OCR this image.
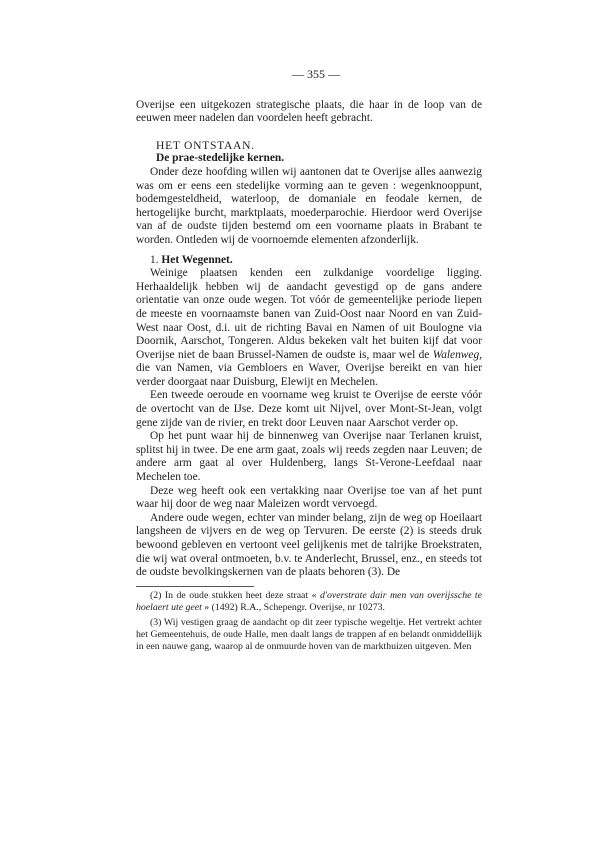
— 355 —

Overijse een uitgekozen strategische plaats, die haar in de loop van de eeuwen meer nadelen dan voordelen heeft gebracht.

HET ONTSTAAN.

De prae-stedelijke kernen.

Onder deze hoofding willen wij aantonen dat te Overijse alles aanwezig was om er eens een stedelijke vorming aan te geven : wegenknooppunt, bodemgesteldheid, waterloop, de domaniale en feodale kernen, de hertogelijke burcht, marktplaats, moederparochie. Hierdoor werd Overijse van af de oudste tijden bestemd om een voorname plaats in Brabant te worden. Ontleden wij de voornoemde elementen afzonderlijk.

1. Het Wegennet.

Weinige plaatsen kenden een zulkdanige voordelige ligging. Herhaaldelijk hebben wij de aandacht gevestigd op de gans andere orientatie van onze oude wegen. Tot vóór de gemeentelijke periode liepen de meeste en voornaamste banen van Zuid-Oost naar Noord en van Zuid-West naar Oost, d.i. uit de richting Bavai en Namen of uit Boulogne via Doornik, Aarschot, Tongeren. Aldus bekeken valt het buiten kijf dat voor Overijse niet de baan Brussel-Namen de oudste is, maar wel de Walenweg, die van Namen, via Gembloers en Waver, Overijse bereikt en van hier verder doorgaat naar Duisburg, Elewijt en Mechelen.

Een tweede oeroude en voorname weg kruist te Overijse de eerste vóór de overtocht van de IJse. Deze komt uit Nijvel, over Mont-St-Jean, volgt gene zijde van de rivier, en trekt door Leuven naar Aarschot verder op.

Op het punt waar hij de binnenweg van Overijse naar Terlanen kruist, splitst hij in twee. De ene arm gaat, zoals wij reeds zegden naar Leuven; de andere arm gaat al over Huldenberg, langs St-Verone-Leefdaal naar Mechelen toe.

Deze weg heeft ook een vertakking naar Overijse toe van af het punt waar hij door de weg naar Maleizen wordt vervoegd.

Andere oude wegen, echter van minder belang, zijn de weg op Hoeilaart langsheen de vijvers en de weg op Tervuren. De eerste (2) is steeds druk bewoond gebleven en vertoont veel gelijkenis met de talrijke Broekstraten, die wij wat overal ontmoeten, b.v. te Anderlecht, Brussel, enz., en steeds tot de oudste bevolkingskernen van de plaats behoren (3). De

(2) In de oude stukken heet deze straat « d'overstrate dair men van overijssche te hoelaert ute geet » (1492) R.A., Schepengr. Overijse, nr 10273.

(3) Wij vestigen graag de aandacht op dit zeer typische wegeltje. Het vertrekt achter het Gemeentehuis, de oude Halle, men daalt langs de trappen af en belandt onmiddellijk in een nauwe gang, waarop al de onmuurde hoven van de markthuizen uitgeven. Men
